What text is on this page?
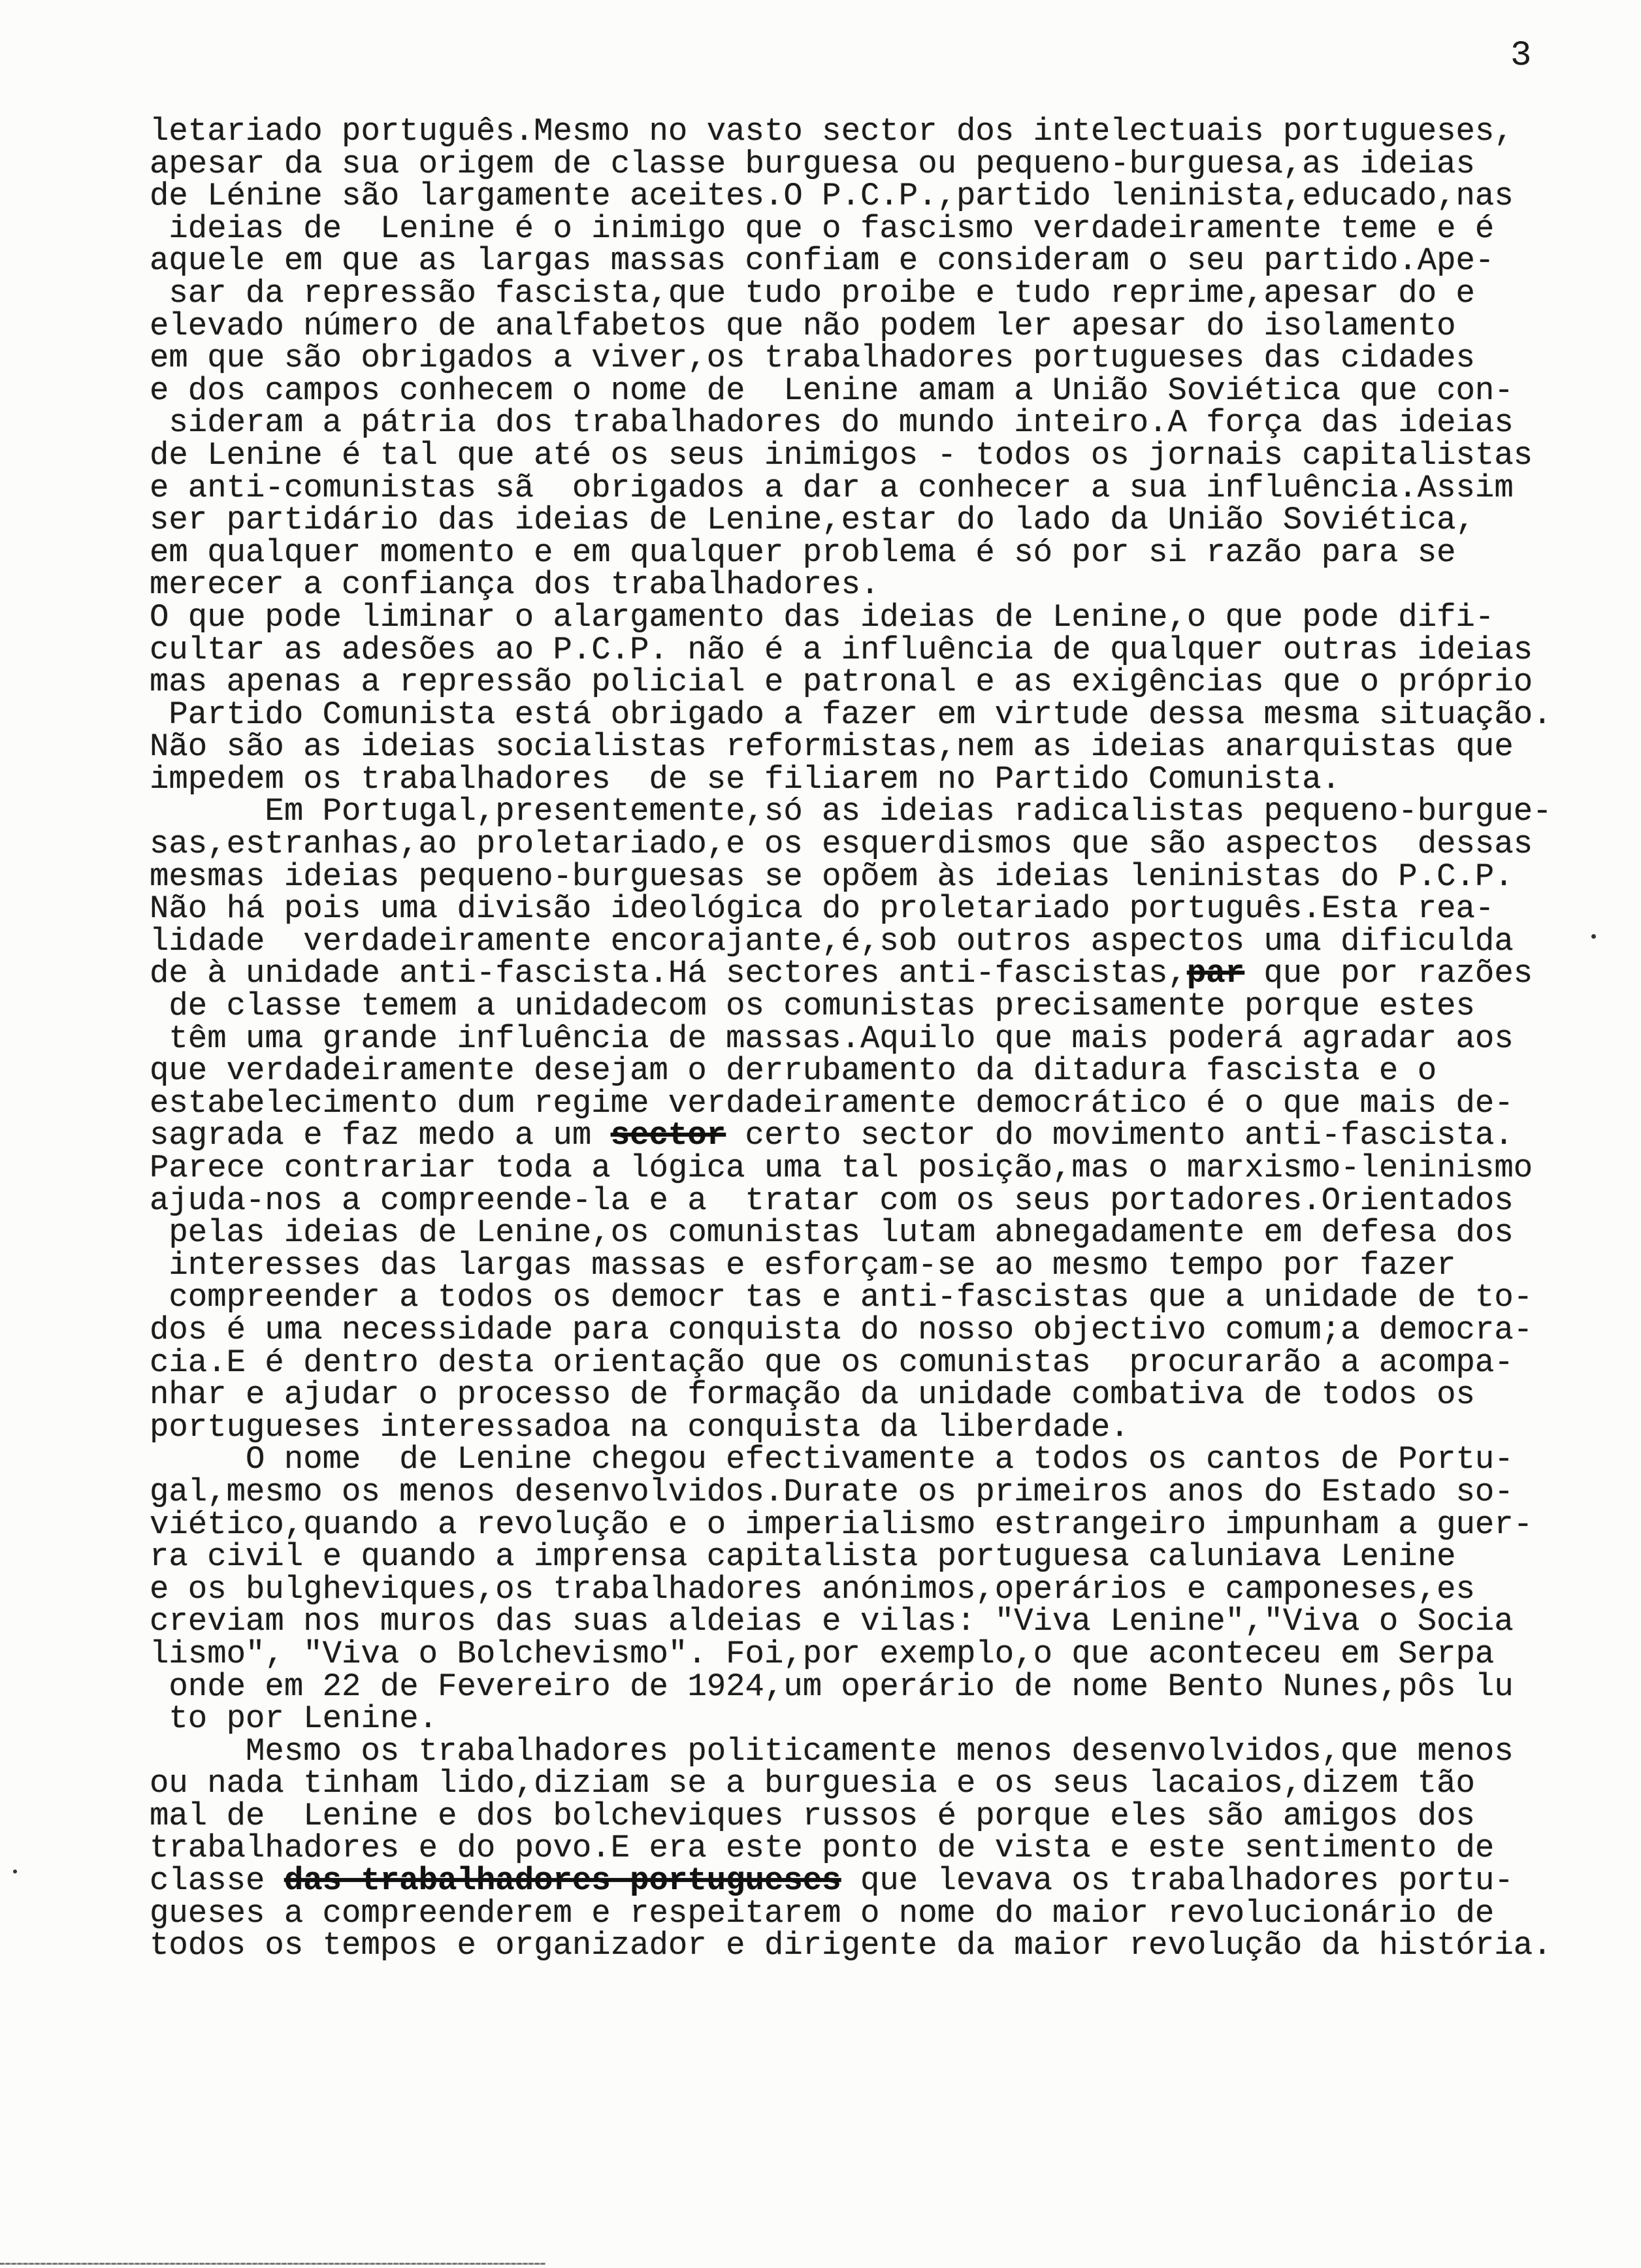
3
letariado português.Mesmo no vasto sector dos intelectuais portugueses,
apesar da sua origem de classe burguesa ou pequeno-burguesa,as ideias
de Lénine são largamente aceites.O P.C.P.,partido leninista,educado,nas
ideias de  Lenine é o inimigo que o fascismo verdadeiramente teme e é
aquele em que as largas massas confiam e consideram o seu partido.Ape-
sar da repressão fascista,que tudo proibe e tudo reprime,apesar do e
elevado número de analfabetos que não podem ler apesar do isolamento
em que são obrigados a viver,os trabalhadores portugueses das cidades
e dos campos conhecem o nome de  Lenine amam a União Soviética que con-
sideram a pátria dos trabalhadores do mundo inteiro.A força das ideias
de Lenine é tal que até os seus inimigos - todos os jornais capitalistas
e anti-comunistas sã  obrigados a dar a conhecer a sua influência.Assim
ser partidário das ideias de Lenine,estar do lado da União Soviética,
em qualquer momento e em qualquer problema é só por si razão para se
merecer a confiança dos trabalhadores.
O que pode liminar o alargamento das ideias de Lenine,o que pode difi-
cultar as adesões ao P.C.P. não é a influência de qualquer outras ideias
mas apenas a repressão policial e patronal e as exigências que o próprio
Partido Comunista está obrigado a fazer em virtude dessa mesma situação.
Não são as ideias socialistas reformistas,nem as ideias anarquistas que
impedem os trabalhadores  de se filiarem no Partido Comunista.
Em Portugal,presentemente,só as ideias radicalistas pequeno-burgue-
sas,estranhas,ao proletariado,e os esquerdismos que são aspectos  dessas
mesmas ideias pequeno-burguesas se opõem às ideias leninistas do P.C.P.
Não há pois uma divisão ideológica do proletariado português.Esta rea-
lidade  verdadeiramente encorajante,é,sob outros aspectos uma dificulda
de à unidade anti-fascista.Há sectores anti-fascistas,par que por razões
de classe temem a unidadecom os comunistas precisamente porque estes
têm uma grande influência de massas.Aquilo que mais poderá agradar aos
que verdadeiramente desejam o derrubamento da ditadura fascista e o
estabelecimento dum regime verdadeiramente democrático é o que mais de-
sagrada e faz medo a um sector certo sector do movimento anti-fascista.
Parece contrariar toda a lógica uma tal posição,mas o marxismo-leninismo
ajuda-nos a compreende-la e a  tratar com os seus portadores.Orientados
pelas ideias de Lenine,os comunistas lutam abnegadamente em defesa dos
interesses das largas massas e esforçam-se ao mesmo tempo por fazer
compreender a todos os democr tas e anti-fascistas que a unidade de to-
dos é uma necessidade para conquista do nosso objectivo comum;a democra-
cia.E é dentro desta orientação que os comunistas  procurarão a acompa-
nhar e ajudar o processo de formação da unidade combativa de todos os
portugueses interessadoa na conquista da liberdade.
O nome  de Lenine chegou efectivamente a todos os cantos de Portu-
gal,mesmo os menos desenvolvidos.Durate os primeiros anos do Estado so-
viético,quando a revolução e o imperialismo estrangeiro impunham a guer-
ra civil e quando a imprensa capitalista portuguesa caluniava Lenine
e os bulgheviques,os trabalhadores anónimos,operários e camponeses,es
creviam nos muros das suas aldeias e vilas: "Viva Lenine","Viva o Socia
lismo", "Viva o Bolchevismo". Foi,por exemplo,o que aconteceu em Serpa
onde em 22 de Fevereiro de 1924,um operário de nome Bento Nunes,pôs lu
to por Lenine.
Mesmo os trabalhadores politicamente menos desenvolvidos,que menos
ou nada tinham lido,diziam se a burguesia e os seus lacaios,dizem tão
mal de  Lenine e dos bolcheviques russos é porque eles são amigos dos
trabalhadores e do povo.E era este ponto de vista e este sentimento de
classe das trabalhadores portugueses que levava os trabalhadores portu-
gueses a compreenderem e respeitarem o nome do maior revolucionário de
todos os tempos e organizador e dirigente da maior revolução da história.
